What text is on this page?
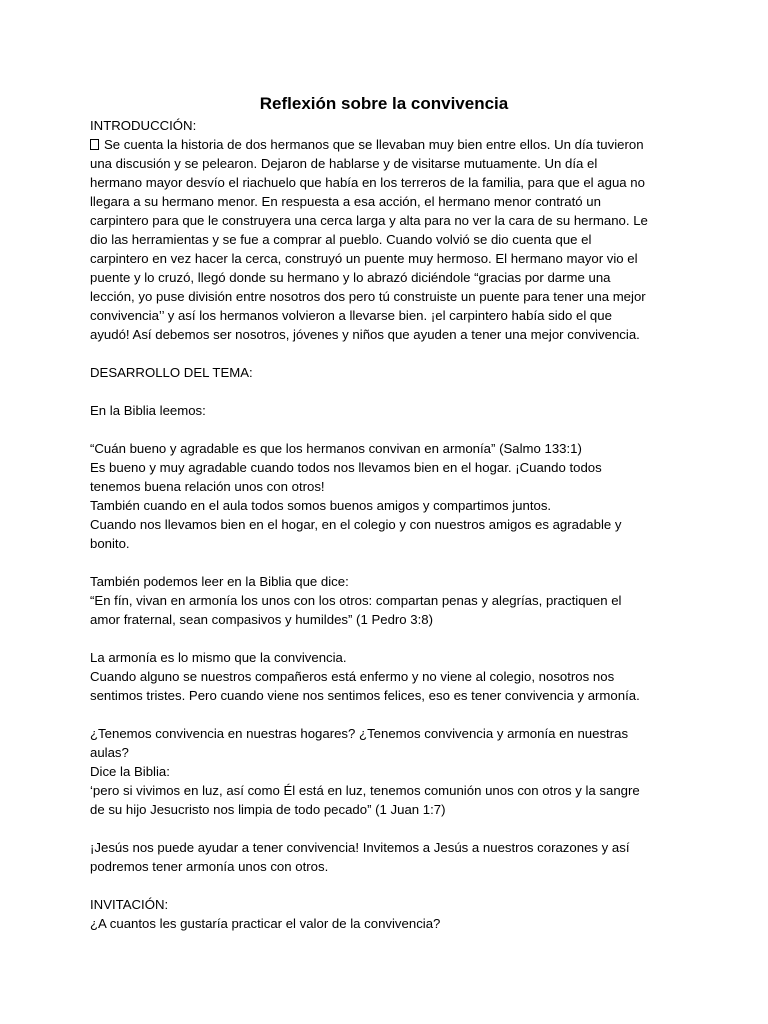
Reflexión sobre la convivencia
INTRODUCCIÓN:
Se cuenta la historia de dos hermanos que se llevaban muy bien entre ellos. Un día tuvieron
una discusión y se pelearon. Dejaron de hablarse y de visitarse mutuamente. Un día el
hermano mayor desvío el riachuelo que había en los terreros de la familia, para que el agua no
llegara a su hermano menor. En respuesta a esa acción, el hermano menor contrató un
carpintero para que le construyera una cerca larga y alta para no ver la cara de su hermano. Le
dio las herramientas y se fue a comprar al pueblo. Cuando volvió se dio cuenta que el
carpintero en vez hacer la cerca, construyó un puente muy hermoso. El hermano mayor vio el
puente y lo cruzó, llegó donde su hermano y lo abrazó diciéndole “gracias por darme una
lección, yo puse división entre nosotros dos pero tú construiste un puente para tener una mejor
convivencia’’ y así los hermanos volvieron a llevarse bien. ¡el carpintero había sido el que
ayudó! Así debemos ser nosotros, jóvenes y niños que ayuden a tener una mejor convivencia.
DESARROLLO DEL TEMA:
En la Biblia leemos:
“Cuán bueno y agradable es que los hermanos convivan en armonía” (Salmo 133:1)
Es bueno y muy agradable cuando todos nos llevamos bien en el hogar. ¡Cuando todos
tenemos buena relación unos con otros!
También cuando en el aula todos somos buenos amigos y compartimos juntos.
Cuando nos llevamos bien en el hogar, en el colegio y con nuestros amigos es agradable y
bonito.
También podemos leer en la Biblia que dice:
“En fín, vivan en armonía los unos con los otros: compartan penas y alegrías, practiquen el
amor fraternal, sean compasivos y humildes” (1 Pedro 3:8)
La armonía es lo mismo que la convivencia.
Cuando alguno se nuestros compañeros está enfermo y no viene al colegio, nosotros nos
sentimos tristes. Pero cuando viene nos sentimos felices, eso es tener convivencia y armonía.
¿Tenemos convivencia en nuestras hogares? ¿Tenemos convivencia y armonía en nuestras
aulas?
Dice la Biblia:
‘pero si vivimos en luz, así como Él está en luz, tenemos comunión unos con otros y la sangre
de su hijo Jesucristo nos limpia de todo pecado” (1 Juan 1:7)
¡Jesús nos puede ayudar a tener convivencia! Invitemos a Jesús a nuestros corazones y así
podremos tener armonía unos con otros.
INVITACIÓN:
¿A cuantos les gustaría practicar el valor de la convivencia?
